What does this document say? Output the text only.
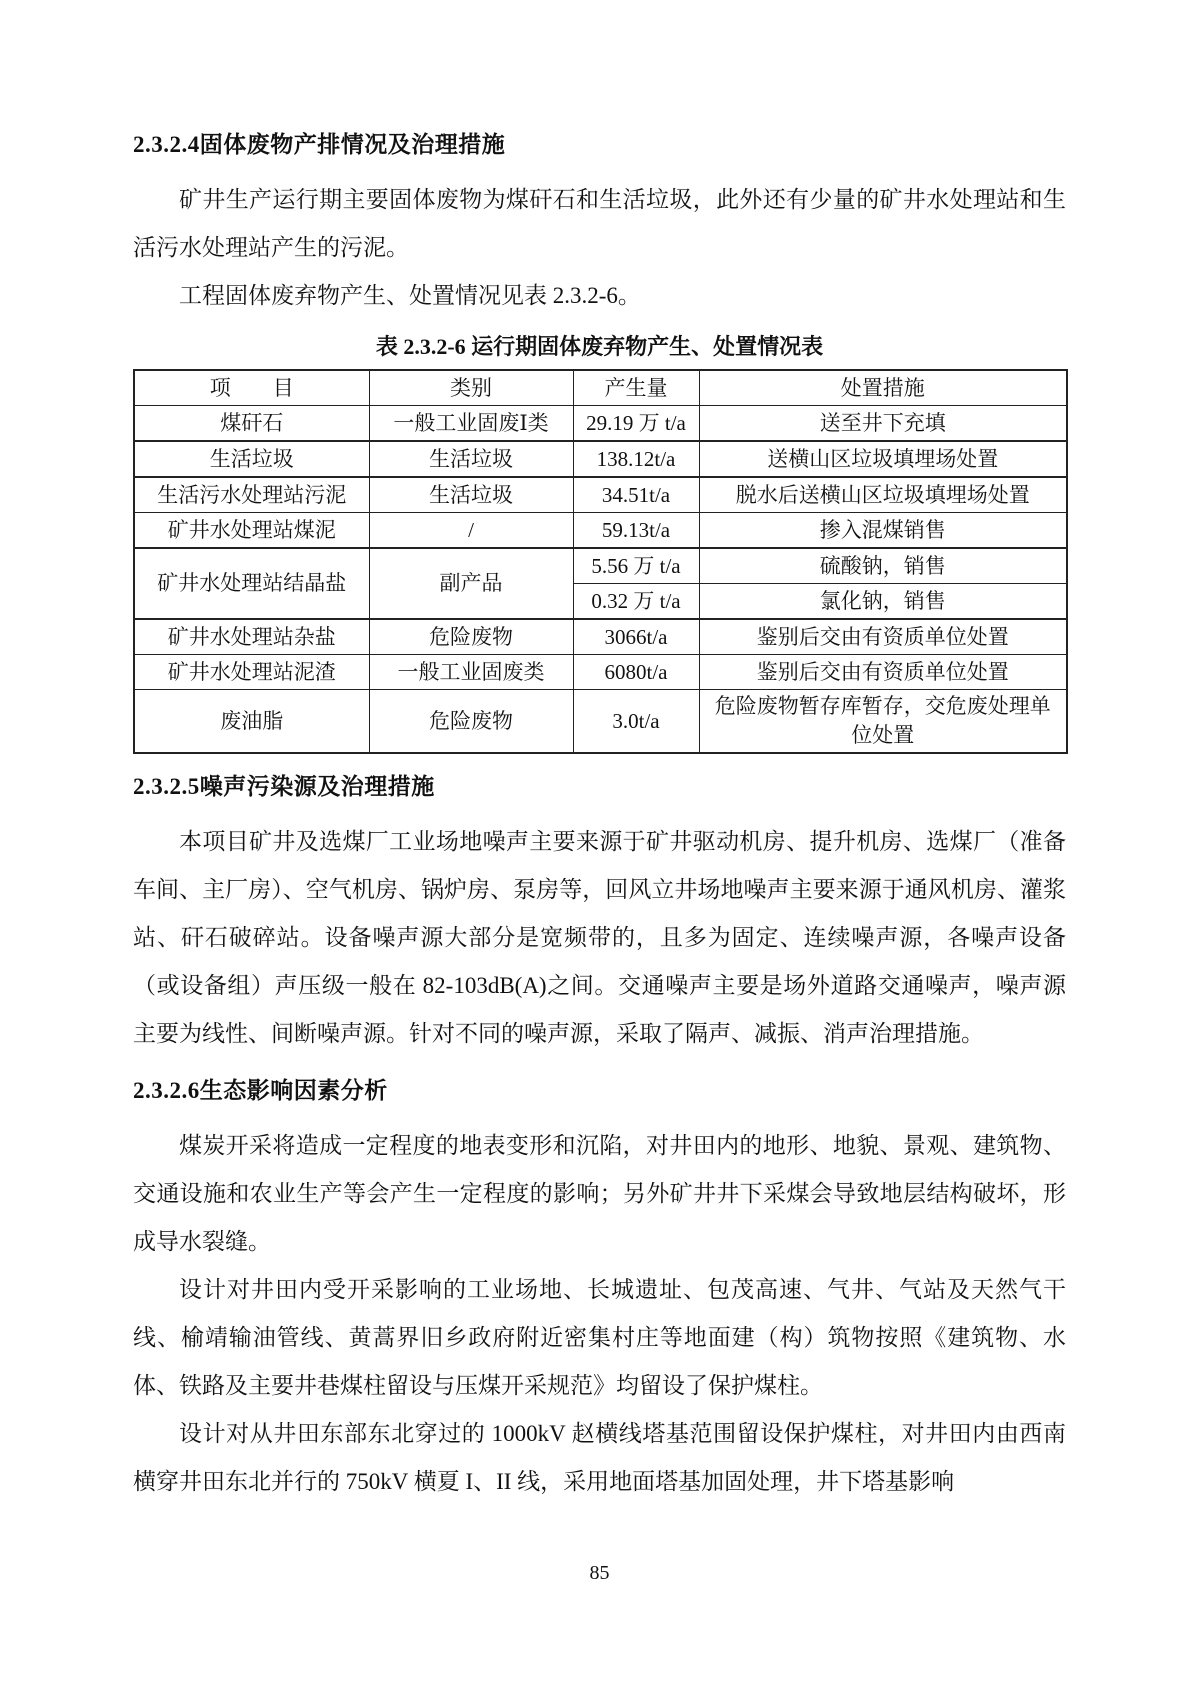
2.3.2.4固体废物产排情况及治理措施

矿井生产运行期主要固体废物为煤矸石和生活垃圾，此外还有少量的矿井水处理站和生活污水处理站产生的污泥。

工程固体废弃物产生、处置情况见表 2.3.2-6。

表 2.3.2-6 运行期固体废弃物产生、处置情况表
项　　目	类别	产生量	处置措施
煤矸石	一般工业固废Ⅰ类	29.19 万 t/a	送至井下充填
生活垃圾	生活垃圾	138.12t/a	送横山区垃圾填埋场处置
生活污水处理站污泥	生活垃圾	34.51t/a	脱水后送横山区垃圾填埋场处置
矿井水处理站煤泥	/	59.13t/a	掺入混煤销售
矿井水处理站结晶盐	副产品	5.56 万 t/a	硫酸钠，销售
		0.32 万 t/a	氯化钠，销售
矿井水处理站杂盐	危险废物	3066t/a	鉴别后交由有资质单位处置
矿井水处理站泥渣	一般工业固废类	6080t/a	鉴别后交由有资质单位处置
废油脂	危险废物	3.0t/a	危险废物暂存库暂存，交危废处理单位处置
2.3.2.5噪声污染源及治理措施

本项目矿井及选煤厂工业场地噪声主要来源于矿井驱动机房、提升机房、选煤厂（准备车间、主厂房）、空气机房、锅炉房、泵房等，回风立井场地噪声主要来源于通风机房、灌浆站、矸石破碎站。设备噪声源大部分是宽频带的，且多为固定、连续噪声源，各噪声设备（或设备组）声压级一般在 82-103dB(A)之间。交通噪声主要是场外道路交通噪声，噪声源主要为线性、间断噪声源。针对不同的噪声源，采取了隔声、减振、消声治理措施。

2.3.2.6生态影响因素分析

煤炭开采将造成一定程度的地表变形和沉陷，对井田内的地形、地貌、景观、建筑物、交通设施和农业生产等会产生一定程度的影响；另外矿井井下采煤会导致地层结构破坏，形成导水裂缝。

设计对井田内受开采影响的工业场地、长城遗址、包茂高速、气井、气站及天然气干线、榆靖输油管线、黄蒿界旧乡政府附近密集村庄等地面建（构）筑物按照《建筑物、水体、铁路及主要井巷煤柱留设与压煤开采规范》均留设了保护煤柱。

设计对从井田东部东北穿过的 1000kV 赵横线塔基范围留设保护煤柱，对井田内由西南横穿井田东北并行的 750kV 横夏 I、II 线，采用地面塔基加固处理，井下塔基影响

85
